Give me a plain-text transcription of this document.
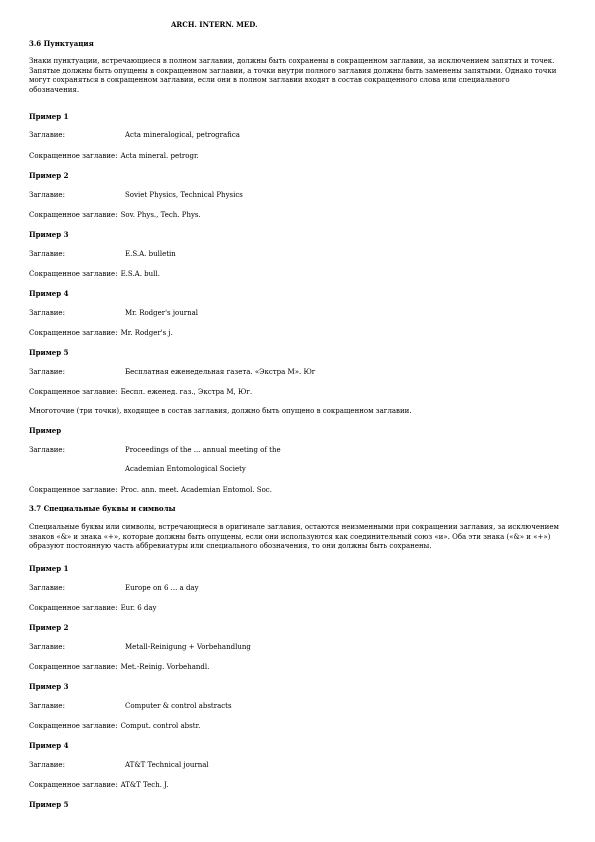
ARCH. INTERN. MED.
3.6 Пунктуация
Знаки пунктуации, встречающиеся в полном заглавии, должны быть сохранены в сокращенном заглавии, за исключением запятых и точек. Запятые должны быть опущены в сокращенном заглавии, а точки внутри полного заглавия должны быть заменены запятыми. Однако точки могут сохраняться в сокращенном заглавии, если они в полном заглавии входят в состав сокращенного слова или специального обозначения.
Пример 1
Заглавие:	Acta mineralogical, petrografica
Сокращенное заглавие: Acta mineral. petrogr.
Пример 2
Заглавие:	Soviet Physics, Technical Physics
Сокращенное заглавие: Sov. Phys., Tech. Phys.
Пример 3
Заглавие:	E.S.A. bulletin
Сокращенное заглавие: E.S.A. bull.
Пример 4
Заглавие:	Mr. Rodger's journal
Сокращенное заглавие: Mr. Rodger's j.
Пример 5
Заглавие:	Бесплатная еженедельная газета. «Экстра М». Юг
Сокращенное заглавие: Беспл. еженед. газ., Экстра М, Юг.
Многоточие (три точки), входящее в состав заглавия, должно быть опущено в сокращенном заглавии.
Пример
Заглавие:	Proceedings of the ... annual meeting of the
Academian Entomological Society
Сокращенное заглавие: Proc. ann. meet. Academian Entomol. Soc.
3.7 Специальные буквы и символы
Специальные буквы или символы, встречающиеся в оригинале заглавия, остаются неизменными при сокращении заглавия, за исключением знаков «&» и знака «+», которые должны быть опущены, если они используются как соединительный союз «и». Оба эти знака («&» и «+») образуют постоянную часть аббревиатуры или специального обозначения, то они должны быть сохранены.
Пример 1
Заглавие:	Europe on 6 ... a day
Сокращенное заглавие: Eur. 6 day
Пример 2
Заглавие:	Metall-Reinigung + Vorbehandlung
Сокращенное заглавие: Met.-Reinig. Vorbehandl.
Пример 3
Заглавие:	Computer & control abstracts
Сокращенное заглавие: Comput. control abstr.
Пример 4
Заглавие:	AT&T Technical journal
Сокращенное заглавие: AT&T Tech. J.
Пример 5
